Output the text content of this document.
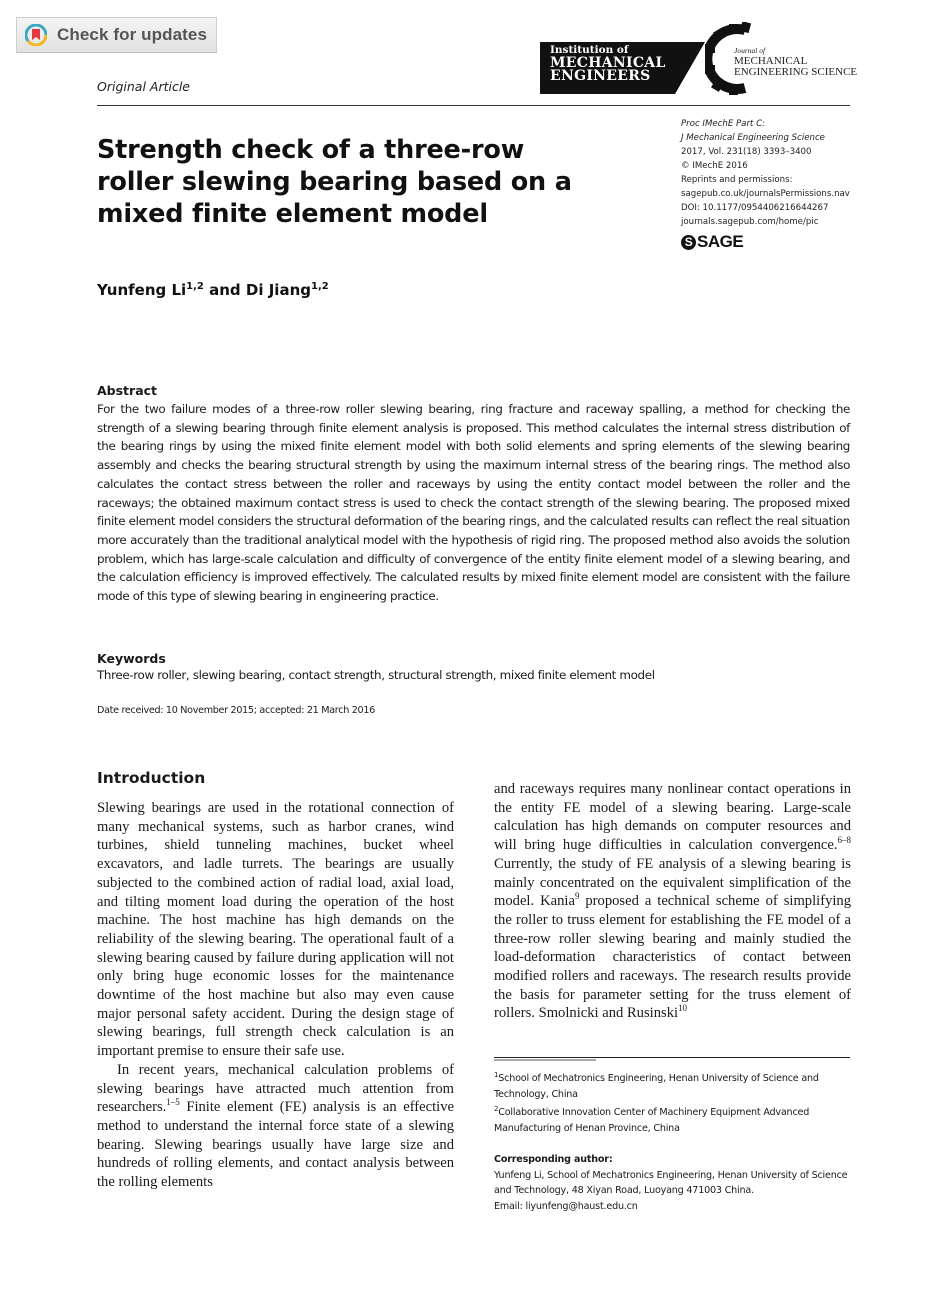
Check for updates
Original Article
Institution of
MECHANICAL
ENGINEERS
Journal of
MECHANICAL
ENGINEERING SCIENCE
Strength check of a three-row roller slewing bearing based on a mixed finite element model
Yunfeng Li$^{1,2}$ and Di Jiang$^{1,2}$
Proc IMechE Part C:
J Mechanical Engineering Science
2017, Vol. 231(18) 3393–3400
© IMechE 2016
Reprints and permissions:
sagepub.co.uk/journalsPermissions.nav
DOI: 10.1177/0954406216644267
journals.sagepub.com/home/pic
S SAGE
Abstract
For the two failure modes of a three-row roller slewing bearing, ring fracture and raceway spalling, a method for checking the strength of a slewing bearing through finite element analysis is proposed. This method calculates the internal stress distribution of the bearing rings by using the mixed finite element model with both solid elements and spring elements of the slewing bearing assembly and checks the bearing structural strength by using the maximum internal stress of the bearing rings. The method also calculates the contact stress between the roller and raceways by using the entity contact model between the roller and the raceways; the obtained maximum contact stress is used to check the contact strength of the slewing bearing. The proposed mixed finite element model considers the structural deformation of the bearing rings, and the calculated results can reflect the real situation more accurately than the traditional analytical model with the hypothesis of rigid ring. The proposed method also avoids the solution problem, which has large-scale calculation and difficulty of convergence of the entity finite element model of a slewing bearing, and the calculation efficiency is improved effectively. The calculated results by mixed finite element model are consistent with the failure mode of this type of slewing bearing in engineering practice.
Keywords
Three-row roller, slewing bearing, contact strength, structural strength, mixed finite element model
Date received: 10 November 2015; accepted: 21 March 2016
Introduction

Slewing bearings are used in the rotational connection of many mechanical systems, such as harbor cranes, wind turbines, shield tunneling machines, bucket wheel excavators, and ladle turrets. The bearings are usually subjected to the combined action of radial load, axial load, and tilting moment load during the operation of the host machine. The host machine has high demands on the reliability of the slewing bearing. The operational fault of a slewing bearing caused by failure during application will not only bring huge economic losses for the maintenance downtime of the host machine but also may even cause major personal safety accident. During the design stage of slewing bearings, full strength check calculation is an important premise to ensure their safe use.

In recent years, mechanical calculation problems of slewing bearings have attracted much attention from researchers.$^{1-5}$ Finite element (FE) analysis is an effective method to understand the internal force state of a slewing bearing. Slewing bearings usually have large size and hundreds of rolling elements, and contact analysis between the rolling elements

and raceways requires many nonlinear contact operations in the entity FE model of a slewing bearing. Large-scale calculation has high demands on computer resources and will bring huge difficulties in calculation convergence.$^{6-8}$ Currently, the study of FE analysis of a slewing bearing is mainly concentrated on the equivalent simplification of the model. Kania$^9$ proposed a technical scheme of simplifying the roller to truss element for establishing the FE model of a three-row roller slewing bearing and mainly studied the load-deformation characteristics of contact between modified rollers and raceways. The research results provide the basis for parameter setting for the truss element of rollers. Smolnicki and Rusinski$^{10}$

$^1$School of Mechatronics Engineering, Henan University of Science and Technology, China

$^2$Collaborative Innovation Center of Machinery Equipment Advanced Manufacturing of Henan Province, China

Corresponding author:

Yunfeng Li, School of Mechatronics Engineering, Henan University of Science and Technology, 48 Xiyan Road, Luoyang 471003 China.

Email: liyunfeng@haust.edu.cn
